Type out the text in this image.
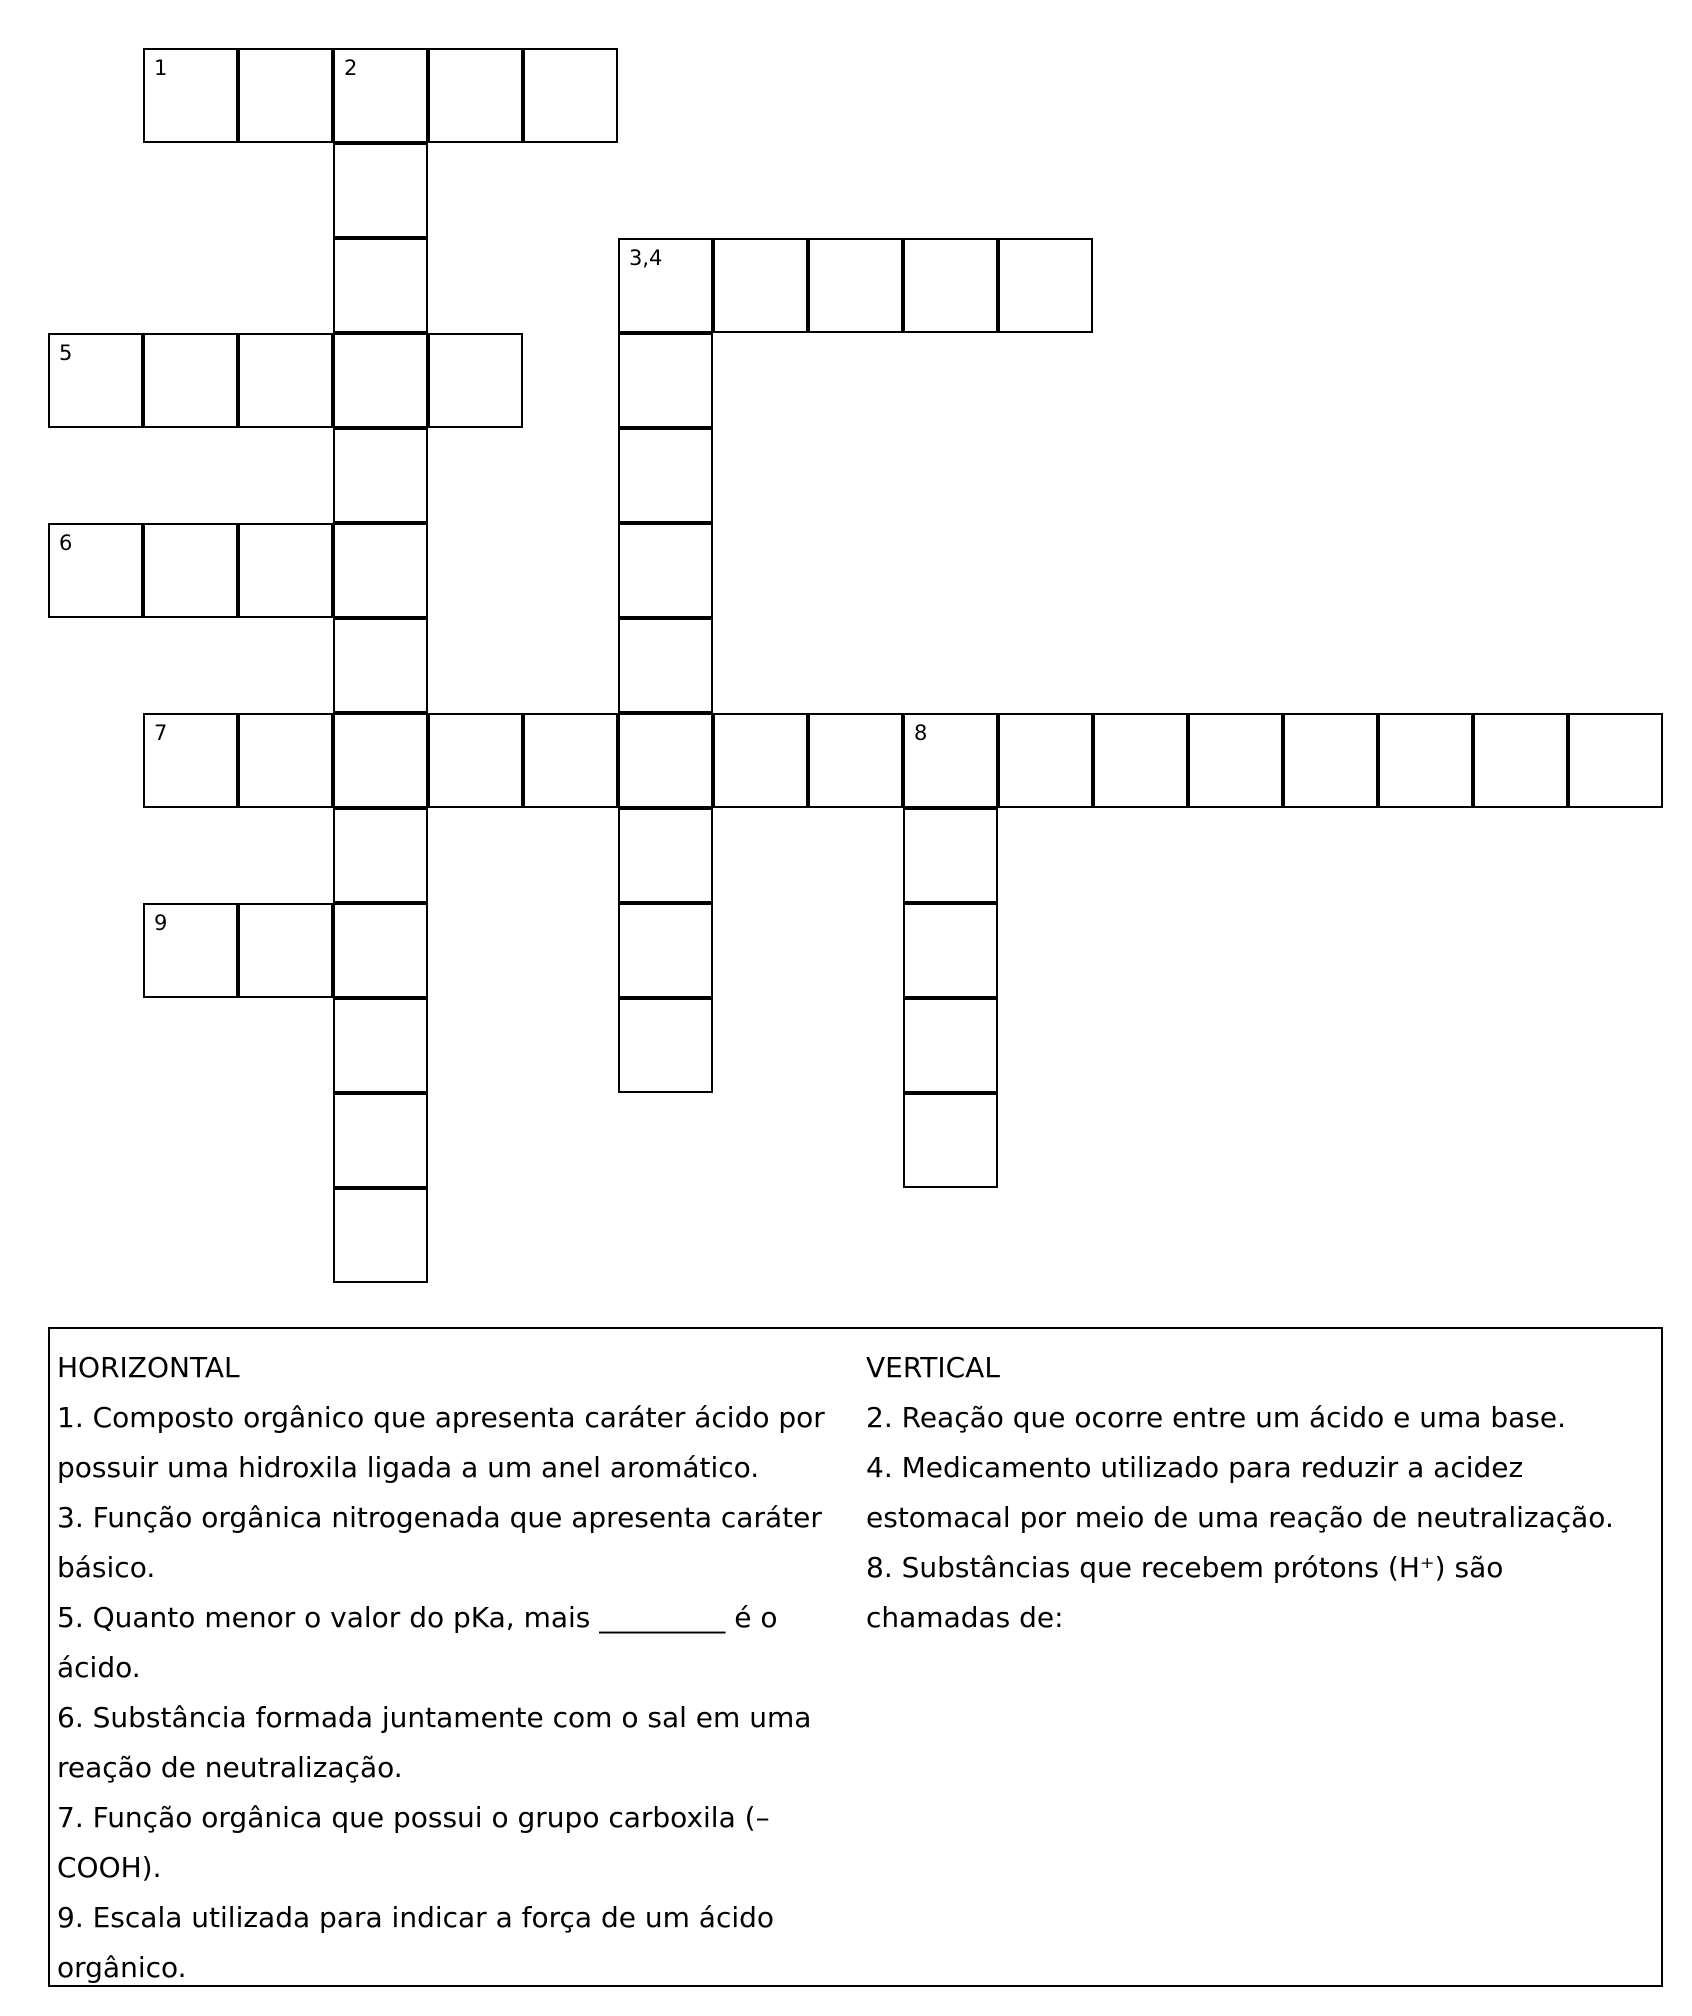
1	2
3,4
5
6
7	8
9

HORIZONTAL

1. Composto orgânico que apresenta caráter ácido por possuir uma hidroxila ligada a um anel aromático.

3. Função orgânica nitrogenada que apresenta caráter básico.

5. Quanto menor o valor do pKa, mais _________ é o ácido.

6. Substância formada juntamente com o sal em uma reação de neutralização.

7. Função orgânica que possui o grupo carboxila (–COOH).

9. Escala utilizada para indicar a força de um ácido orgânico.

VERTICAL

2. Reação que ocorre entre um ácido e uma base.

4. Medicamento utilizado para reduzir a acidez estomacal por meio de uma reação de neutralização.

8. Substâncias que recebem prótons (H⁺) são chamadas de:
